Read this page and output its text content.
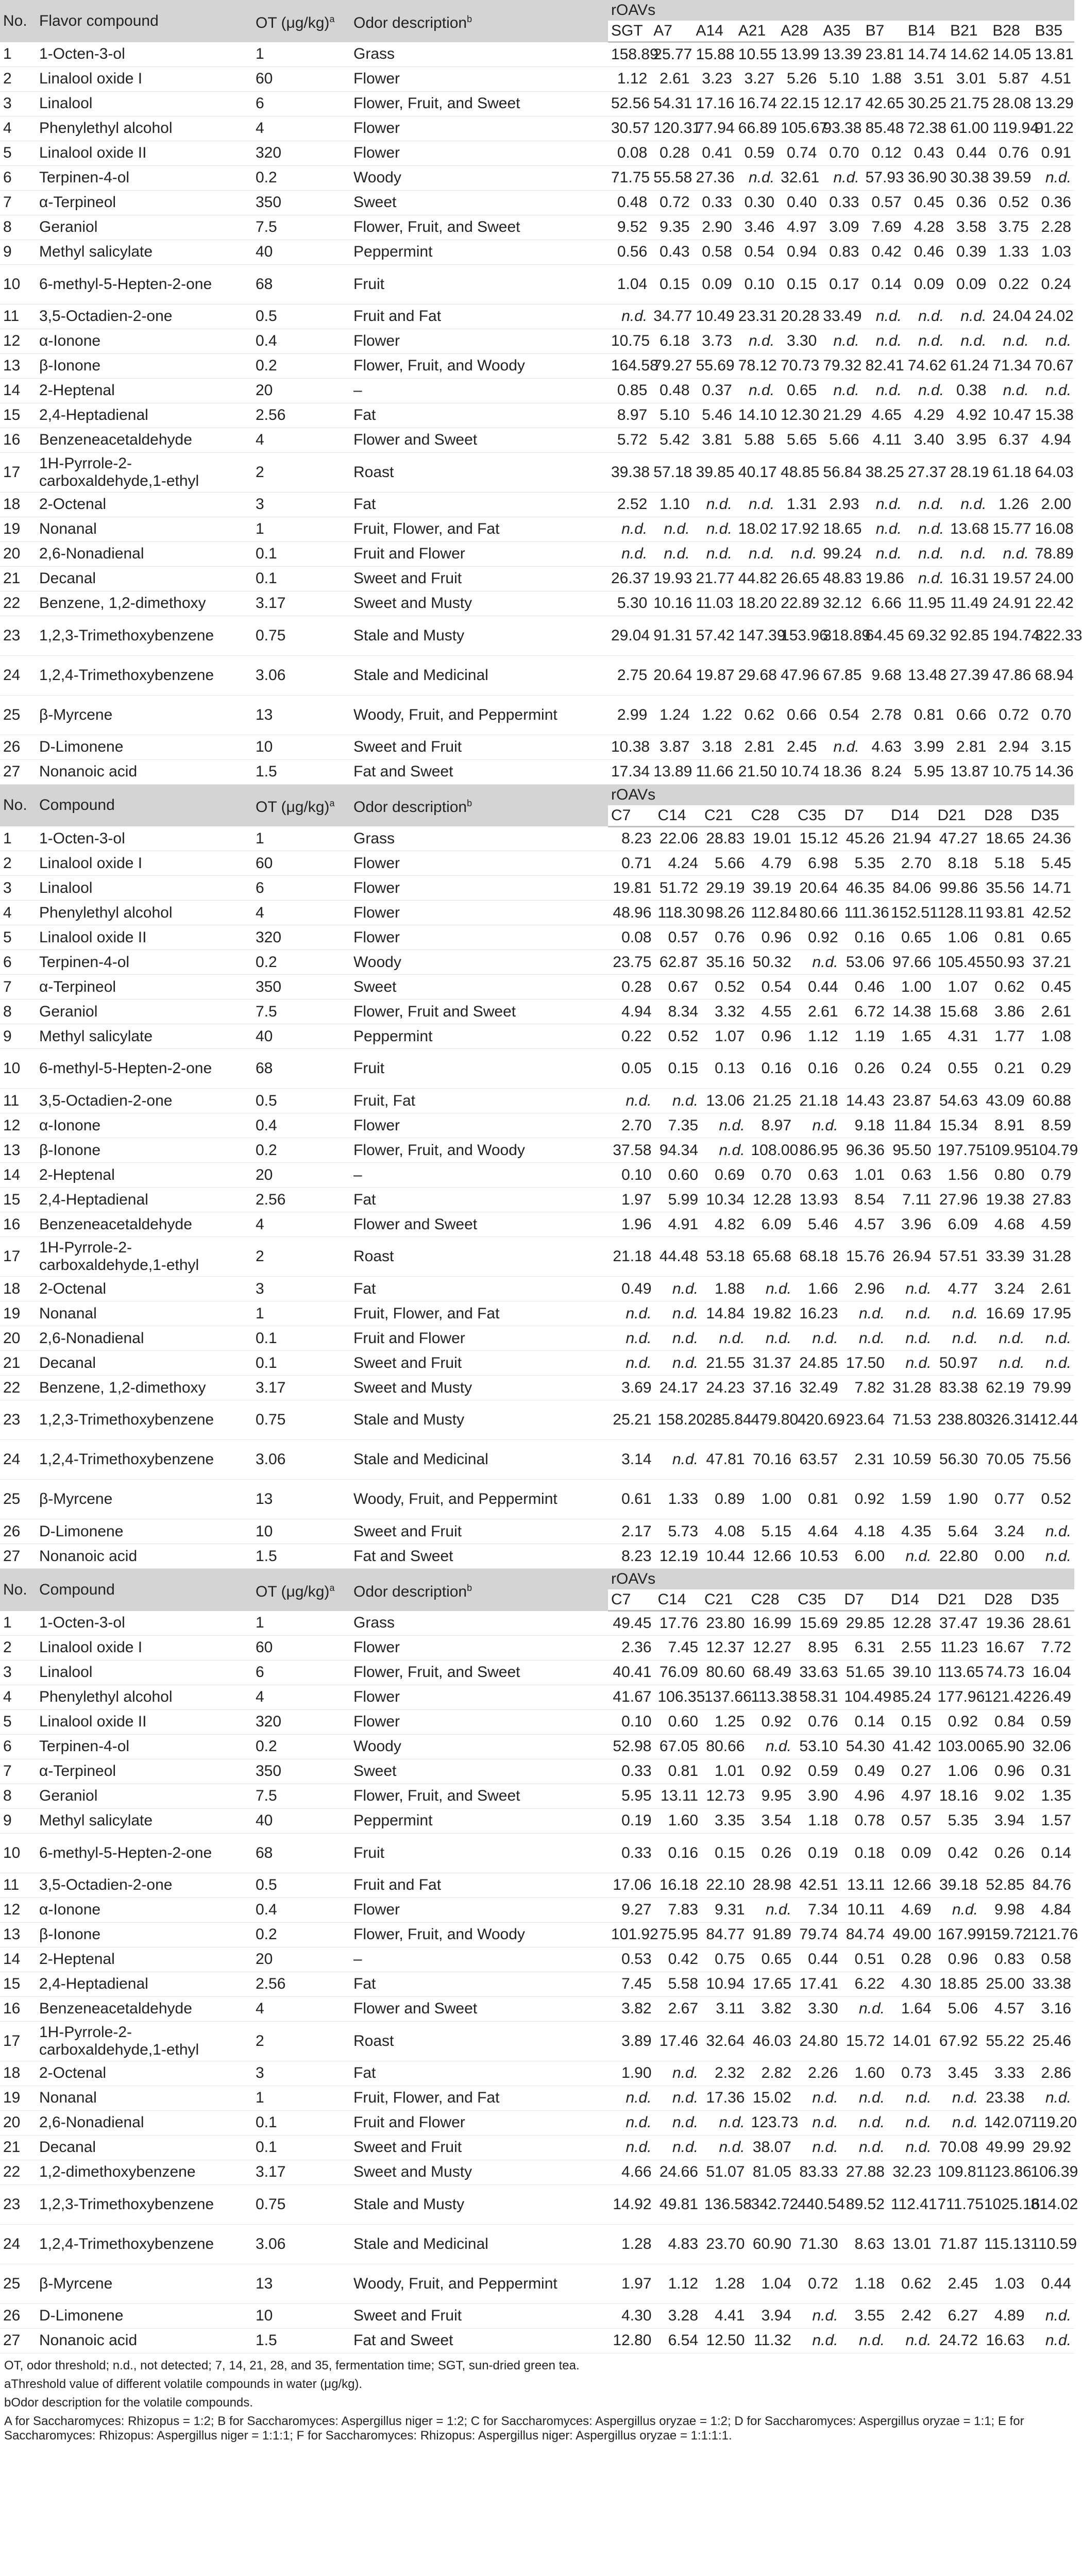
No.	Flavor compound	OT $(\mu g/kg)^a$	Odor description$^b$	rOAVs										
				SGT	A7	A14	A21	A28	A35	B7	B14	B21	B28	B35
1	1-Octen-3-ol	1	Grass	158.89	25.77	15.88	10.55	13.99	13.39	23.81	14.74	14.62	14.05	13.81
2	Linalool oxide I	60	Flower	1.12	2.61	3.23	3.27	5.26	5.10	1.88	3.51	3.01	5.87	4.51
3	Linalool	6	Flower, Fruit, and Sweet	52.56	54.31	17.16	16.74	22.15	12.17	42.65	30.25	21.75	28.08	13.29
4	Phenylethyl alcohol	4	Flower	30.57	120.31	77.94	66.89	105.67	93.38	85.48	72.38	61.00	119.94	91.22
5	Linalool oxide II	320	Flower	0.08	0.28	0.41	0.59	0.74	0.70	0.12	0.43	0.44	0.76	0.91
6	Terpinen-4-ol	0.2	Woody	71.75	55.58	27.36	n.d.	32.61	n.d.	57.93	36.90	30.38	39.59	n.d.
7	α-Terpineol	350	Sweet	0.48	0.72	0.33	0.30	0.40	0.33	0.57	0.45	0.36	0.52	0.36
8	Geraniol	7.5	Flower, Fruit, and Sweet	9.52	9.35	2.90	3.46	4.97	3.09	7.69	4.28	3.58	3.75	2.28
9	Methyl salicylate	40	Peppermint	0.56	0.43	0.58	0.54	0.94	0.83	0.42	0.46	0.39	1.33	1.03
10	6-methyl-5-Hepten-2-one	68	Fruit	1.04	0.15	0.09	0.10	0.15	0.17	0.14	0.09	0.09	0.22	0.24
11	3,5-Octadien-2-one	0.5	Fruit and Fat	n.d.	34.77	10.49	23.31	20.28	33.49	n.d.	n.d.	n.d.	24.04	24.02
12	α-Ionone	0.4	Flower	10.75	6.18	3.73	n.d.	3.30	n.d.	n.d.	n.d.	n.d.	n.d.	n.d.
13	β-Ionone	0.2	Flower, Fruit, and Woody	164.58	79.27	55.69	78.12	70.73	79.32	82.41	74.62	61.24	71.34	70.67
14	2-Heptenal	20	–	0.85	0.48	0.37	n.d.	0.65	n.d.	n.d.	n.d.	0.38	n.d.	n.d.
15	2,4-Heptadienal	2.56	Fat	8.97	5.10	5.46	14.10	12.30	21.29	4.65	4.29	4.92	10.47	15.38
16	Benzeneacetaldehyde	4	Flower and Sweet	5.72	5.42	3.81	5.88	5.65	5.66	4.11	3.40	3.95	6.37	4.94
17	1H-Pyrrole-2-carboxaldehyde,1-ethyl	2	Roast	39.38	57.18	39.85	40.17	48.85	56.84	38.25	27.37	28.19	61.18	64.03
18	2-Octenal	3	Fat	2.52	1.10	n.d.	n.d.	1.31	2.93	n.d.	n.d.	n.d.	1.26	2.00
19	Nonanal	1	Fruit, Flower, and Fat	n.d.	n.d.	n.d.	18.02	17.92	18.65	n.d.	n.d.	13.68	15.77	16.08
20	2,6-Nonadienal	0.1	Fruit and Flower	n.d.	n.d.	n.d.	n.d.	n.d.	99.24	n.d.	n.d.	n.d.	n.d.	78.89
21	Decanal	0.1	Sweet and Fruit	26.37	19.93	21.77	44.82	26.65	48.83	19.86	n.d.	16.31	19.57	24.00
22	Benzene, 1,2-dimethoxy	3.17	Sweet and Musty	5.30	10.16	11.03	18.20	22.89	32.12	6.66	11.95	11.49	24.91	22.42
23	1,2,3-Trimethoxybenzene	0.75	Stale and Musty	29.04	91.31	57.42	147.39	153.96	318.89	64.45	69.32	92.85	194.74	322.33
24	1,2,4-Trimethoxybenzene	3.06	Stale and Medicinal	2.75	20.64	19.87	29.68	47.96	67.85	9.68	13.48	27.39	47.86	68.94
25	β-Myrcene	13	Woody, Fruit, and Peppermint	2.99	1.24	1.22	0.62	0.66	0.54	2.78	0.81	0.66	0.72	0.70
26	D-Limonene	10	Sweet and Fruit	10.38	3.87	3.18	2.81	2.45	n.d.	4.63	3.99	2.81	2.94	3.15
27	Nonanoic acid	1.5	Fat and Sweet	17.34	13.89	11.66	21.50	10.74	18.36	8.24	5.95	13.87	10.75	14.36
No.	Compound	OT $(\mu g/kg)^a$	Odor description$^b$	rOAVs									
				C7	C14	C21	C28	C35	D7	D14	D21	D28	D35
1	1-Octen-3-ol	1	Grass	8.23	22.06	28.83	19.01	15.12	45.26	21.94	47.27	18.65	24.36
2	Linalool oxide I	60	Flower	0.71	4.24	5.66	4.79	6.98	5.35	2.70	8.18	5.18	5.45
3	Linalool	6	Flower	19.81	51.72	29.19	39.19	20.64	46.35	84.06	99.86	35.56	14.71
4	Phenylethyl alcohol	4	Flower	48.96	118.30	98.26	112.84	80.66	111.36	152.51	128.11	93.81	42.52
5	Linalool oxide II	320	Flower	0.08	0.57	0.76	0.96	0.92	0.16	0.65	1.06	0.81	0.65
6	Terpinen-4-ol	0.2	Woody	23.75	62.87	35.16	50.32	n.d.	53.06	97.66	105.45	50.93	37.21
7	α-Terpineol	350	Sweet	0.28	0.67	0.52	0.54	0.44	0.46	1.00	1.07	0.62	0.45
8	Geraniol	7.5	Flower, Fruit and Sweet	4.94	8.34	3.32	4.55	2.61	6.72	14.38	15.68	3.86	2.61
9	Methyl salicylate	40	Peppermint	0.22	0.52	1.07	0.96	1.12	1.19	1.65	4.31	1.77	1.08
10	6-methyl-5-Hepten-2-one	68	Fruit	0.05	0.15	0.13	0.16	0.16	0.26	0.24	0.55	0.21	0.29
11	3,5-Octadien-2-one	0.5	Fruit, Fat	n.d.	n.d.	13.06	21.25	21.18	14.43	23.87	54.63	43.09	60.88
12	α-Ionone	0.4	Flower	2.70	7.35	n.d.	8.97	n.d.	9.18	11.84	15.34	8.91	8.59
13	β-Ionone	0.2	Flower, Fruit, and Woody	37.58	94.34	n.d.	108.00	86.95	96.36	95.50	197.75	109.95	104.79
14	2-Heptenal	20	–	0.10	0.60	0.69	0.70	0.63	1.01	0.63	1.56	0.80	0.79
15	2,4-Heptadienal	2.56	Fat	1.97	5.99	10.34	12.28	13.93	8.54	7.11	27.96	19.38	27.83
16	Benzeneacetaldehyde	4	Flower and Sweet	1.96	4.91	4.82	6.09	5.46	4.57	3.96	6.09	4.68	4.59
17	1H-Pyrrole-2-carboxaldehyde,1-ethyl	2	Roast	21.18	44.48	53.18	65.68	68.18	15.76	26.94	57.51	33.39	31.28
18	2-Octenal	3	Fat	0.49	n.d.	1.88	n.d.	1.66	2.96	n.d.	4.77	3.24	2.61
19	Nonanal	1	Fruit, Flower, and Fat	n.d.	n.d.	14.84	19.82	16.23	n.d.	n.d.	n.d.	16.69	17.95
20	2,6-Nonadienal	0.1	Fruit and Flower	n.d.	n.d.	n.d.	n.d.	n.d.	n.d.	n.d.	n.d.	n.d.	n.d.
21	Decanal	0.1	Sweet and Fruit	n.d.	n.d.	21.55	31.37	24.85	17.50	n.d.	50.97	n.d.	n.d.
22	Benzene, 1,2-dimethoxy	3.17	Sweet and Musty	3.69	24.17	24.23	37.16	32.49	7.82	31.28	83.38	62.19	79.99
23	1,2,3-Trimethoxybenzene	0.75	Stale and Musty	25.21	158.20	285.84	479.80	420.69	23.64	71.53	238.80	326.31	412.44
24	1,2,4-Trimethoxybenzene	3.06	Stale and Medicinal	3.14	n.d.	47.81	70.16	63.57	2.31	10.59	56.30	70.05	75.56
25	β-Myrcene	13	Woody, Fruit, and Peppermint	0.61	1.33	0.89	1.00	0.81	0.92	1.59	1.90	0.77	0.52
26	D-Limonene	10	Sweet and Fruit	2.17	5.73	4.08	5.15	4.64	4.18	4.35	5.64	3.24	n.d.
27	Nonanoic acid	1.5	Fat and Sweet	8.23	12.19	10.44	12.66	10.53	6.00	n.d.	22.80	0.00	n.d.
No.	Compound	OT $(\mu g/kg)^a$	Odor description$^b$	rOAVs									
				C7	C14	C21	C28	C35	D7	D14	D21	D28	D35
1	1-Octen-3-ol	1	Grass	49.45	17.76	23.80	16.99	15.69	29.85	12.28	37.47	19.36	28.61
2	Linalool oxide I	60	Flower	2.36	7.45	12.37	12.27	8.95	6.31	2.55	11.23	16.67	7.72
3	Linalool	6	Flower, Fruit, and Sweet	40.41	76.09	80.60	68.49	33.63	51.65	39.10	113.65	74.73	16.04
4	Phenylethyl alcohol	4	Flower	41.67	106.35	137.66	113.38	58.31	104.49	85.24	177.96	121.42	26.49
5	Linalool oxide II	320	Flower	0.10	0.60	1.25	0.92	0.76	0.14	0.15	0.92	0.84	0.59
6	Terpinen-4-ol	0.2	Woody	52.98	67.05	80.66	n.d.	53.10	54.30	41.42	103.00	65.90	32.06
7	α-Terpineol	350	Sweet	0.33	0.81	1.01	0.92	0.59	0.49	0.27	1.06	0.96	0.31
8	Geraniol	7.5	Flower, Fruit, and Sweet	5.95	13.11	12.73	9.95	3.90	4.96	4.97	18.16	9.02	1.35
9	Methyl salicylate	40	Peppermint	0.19	1.60	3.35	3.54	1.18	0.78	0.57	5.35	3.94	1.57
10	6-methyl-5-Hepten-2-one	68	Fruit	0.33	0.16	0.15	0.26	0.19	0.18	0.09	0.42	0.26	0.14
11	3,5-Octadien-2-one	0.5	Fruit and Fat	17.06	16.18	22.10	28.98	42.51	13.11	12.66	39.18	52.85	84.76
12	α-Ionone	0.4	Flower	9.27	7.83	9.31	n.d.	7.34	10.11	4.69	n.d.	9.98	4.84
13	β-Ionone	0.2	Flower, Fruit, and Woody	101.92	75.95	84.77	91.89	79.74	84.74	49.00	167.99	159.72	121.76
14	2-Heptenal	20	–	0.53	0.42	0.75	0.65	0.44	0.51	0.28	0.96	0.83	0.58
15	2,4-Heptadienal	2.56	Fat	7.45	5.58	10.94	17.65	17.41	6.22	4.30	18.85	25.00	33.38
16	Benzeneacetaldehyde	4	Flower and Sweet	3.82	2.67	3.11	3.82	3.30	n.d.	1.64	5.06	4.57	3.16
17	1H-Pyrrole-2-carboxaldehyde,1-ethyl	2	Roast	3.89	17.46	32.64	46.03	24.80	15.72	14.01	67.92	55.22	25.46
18	2-Octenal	3	Fat	1.90	n.d.	2.32	2.82	2.26	1.60	0.73	3.45	3.33	2.86
19	Nonanal	1	Fruit, Flower, and Fat	n.d.	n.d.	17.36	15.02	n.d.	n.d.	n.d.	n.d.	23.38	n.d.
20	2,6-Nonadienal	0.1	Fruit and Flower	n.d.	n.d.	n.d.	123.73	n.d.	n.d.	n.d.	n.d.	142.07	119.20
21	Decanal	0.1	Sweet and Fruit	n.d.	n.d.	n.d.	38.07	n.d.	n.d.	n.d.	70.08	49.99	29.92
22	1,2-dimethoxybenzene	3.17	Sweet and Musty	4.66	24.66	51.07	81.05	83.33	27.88	32.23	109.81	123.86	106.39
23	1,2,3-Trimethoxybenzene	0.75	Stale and Musty	14.92	49.81	136.58	342.72	440.54	89.52	112.41	711.75	1025.16	814.02
24	1,2,4-Trimethoxybenzene	3.06	Stale and Medicinal	1.28	4.83	23.70	60.90	71.30	8.63	13.01	71.87	115.13	110.59
25	β-Myrcene	13	Woody, Fruit, and Peppermint	1.97	1.12	1.28	1.04	0.72	1.18	0.62	2.45	1.03	0.44
26	D-Limonene	10	Sweet and Fruit	4.30	3.28	4.41	3.94	n.d.	3.55	2.42	6.27	4.89	n.d.
27	Nonanoic acid	1.5	Fat and Sweet	12.80	6.54	12.50	11.32	n.d.	n.d.	n.d.	24.72	16.63	n.d.
OT, odor threshold; n.d., not detected; 7, 14, 21, 28, and 35, fermentation time; SGT, sun-dried green tea.
aThreshold value of different volatile compounds in water (μg/kg).
bOdor description for the volatile compounds.
A for Saccharomyces: Rhizopus = 1:2; B for Saccharomyces: Aspergillus niger = 1:2; C for Saccharomyces: Aspergillus oryzae = 1:2; D for Saccharomyces: Aspergillus oryzae = 1:1; E for Saccharomyces: Rhizopus: Aspergillus niger = 1:1:1; F for Saccharomyces: Rhizopus: Aspergillus niger: Aspergillus oryzae = 1:1:1:1.
